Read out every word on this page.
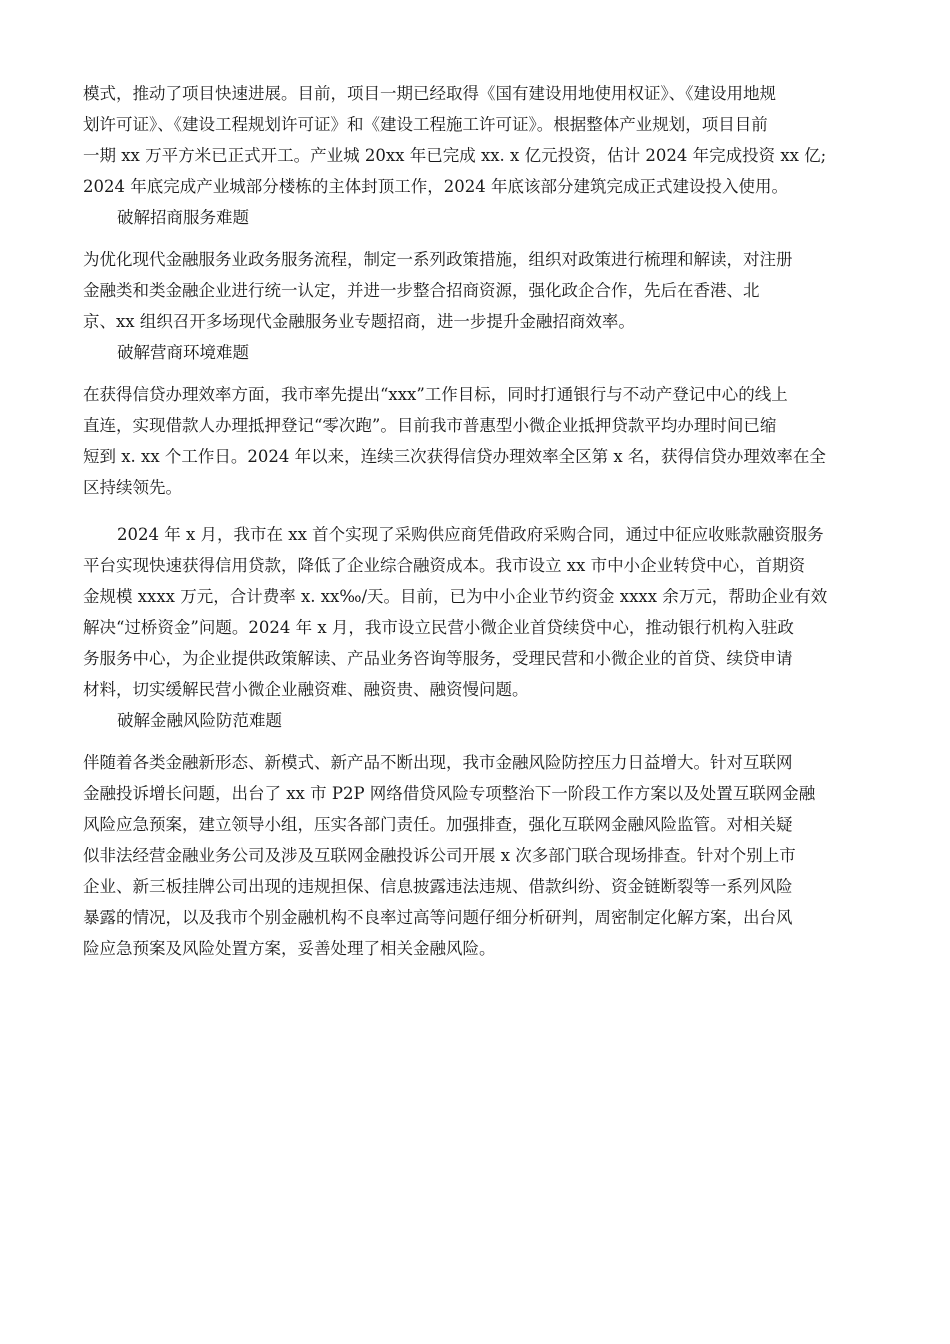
模式，推动了项目快速进展。目前，项目一期已经取得《国有建设用地使用权证》、《建设用地规
划许可证》、《建设工程规划许可证》和《建设工程施工许可证》。根据整体产业规划，项目目前
一期 xx 万平方米已正式开工。产业城 20xx 年已完成 xx. x 亿元投资，估计 2024 年完成投资 xx 亿;
2024 年底完成产业城部分楼栋的主体封顶工作，2024 年底该部分建筑完成正式建设投入使用。

破解招商服务难题

为优化现代金融服务业政务服务流程，制定一系列政策措施，组织对政策进行梳理和解读，对注册
金融类和类金融企业进行统一认定，并进一步整合招商资源，强化政企合作，先后在香港、北
京、xx 组织召开多场现代金融服务业专题招商，进一步提升金融招商效率。

破解营商环境难题

在获得信贷办理效率方面，我市率先提出“xxx”工作目标，同时打通银行与不动产登记中心的线上
直连，实现借款人办理抵押登记“零次跑”。目前我市普惠型小微企业抵押贷款平均办理时间已缩
短到 x. xx 个工作日。2024 年以来，连续三次获得信贷办理效率全区第 x 名，获得信贷办理效率在全
区持续领先。

2024 年 x 月，我市在 xx 首个实现了采购供应商凭借政府采购合同，通过中征应收账款融资服务
平台实现快速获得信用贷款，降低了企业综合融资成本。我市设立 xx 市中小企业转贷中心，首期资
金规模 xxxx 万元，合计费率 x. xx‰/天。目前，已为中小企业节约资金 xxxx 余万元，帮助企业有效
解决“过桥资金”问题。2024 年 x 月，我市设立民营小微企业首贷续贷中心，推动银行机构入驻政
务服务中心，为企业提供政策解读、产品业务咨询等服务，受理民营和小微企业的首贷、续贷申请
材料，切实缓解民营小微企业融资难、融资贵、融资慢问题。

破解金融风险防范难题

伴随着各类金融新形态、新模式、新产品不断出现，我市金融风险防控压力日益增大。针对互联网
金融投诉增长问题，出台了 xx 市 P2P 网络借贷风险专项整治下一阶段工作方案以及处置互联网金融
风险应急预案，建立领导小组，压实各部门责任。加强排查，强化互联网金融风险监管。对相关疑
似非法经营金融业务公司及涉及互联网金融投诉公司开展 x 次多部门联合现场排查。针对个别上市
企业、新三板挂牌公司出现的违规担保、信息披露违法违规、借款纠纷、资金链断裂等一系列风险
暴露的情况，以及我市个别金融机构不良率过高等问题仔细分析研判，周密制定化解方案，出台风
险应急预案及风险处置方案，妥善处理了相关金融风险。
